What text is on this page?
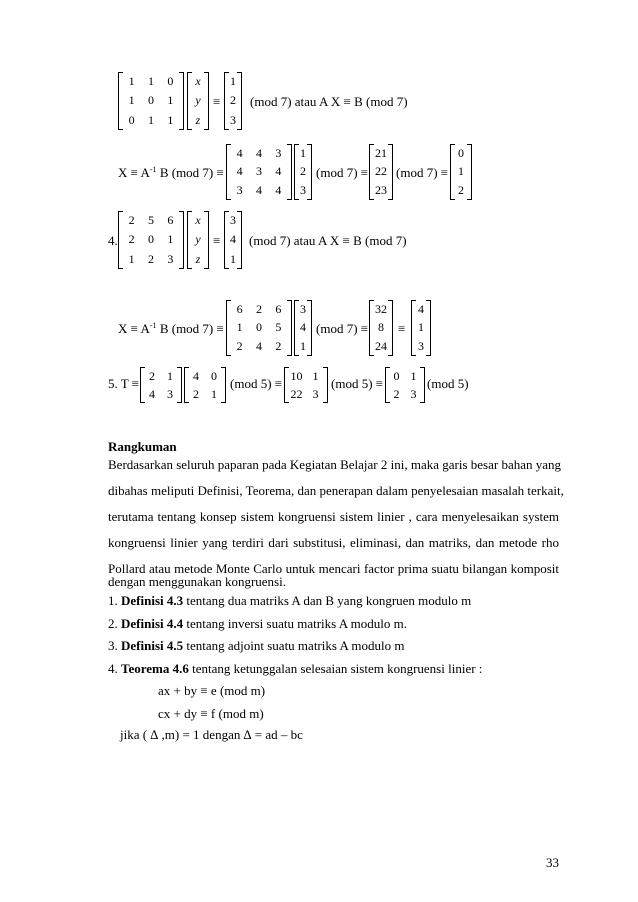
1	1	0
1	0	1
0	1	1
x
y
z
≡
1
2
3
(mod 7) atau A X ≡ B (mod 7)
$X \equiv A^{-1}$ B (mod 7) ≡
4	4	3
4	3	4
3	4	4
1
2
3
(mod 7) ≡
21
22
23
(mod 7) ≡
0
1
2
4.
2	5	6
2	0	1
1	2	3
x
y
z
≡
3
4
1
(mod 7) atau A X ≡ B (mod 7)
$X \equiv A^{-1}$ B (mod 7) ≡
6	2	6
1	0	5
2	4	2
3
4
1
(mod 7) ≡
32
8
24
≡
4
1
3
5. T ≡
2	1
4	3
4	0
2	1
(mod 5) ≡
10 1
22 3
(mod 5) ≡
0 1
2 3
(mod 5)
Rangkuman
Berdasarkan seluruh paparan pada Kegiatan Belajar 2 ini, maka garis besar bahan yang
dibahas meliputi Definisi, Teorema, dan penerapan dalam penyelesaian masalah terkait,
terutama tentang konsep sistem kongruensi sistem linier , cara menyelesaikan system
kongruensi linier yang terdiri dari substitusi, eliminasi, dan matriks, dan metode rho
Pollard atau metode Monte Carlo untuk mencari factor prima suatu bilangan komposit
dengan menggunakan kongruensi.
1. Definisi 4.3 tentang dua matriks A dan B yang kongruen modulo m
2. Definisi 4.4 tentang inversi suatu matriks A modulo m.
3. Definisi 4.5 tentang adjoint suatu matriks A modulo m
4. Teorema 4.6 tentang ketunggalan selesaian sistem kongruensi linier :
ax + by ≡ e (mod m)
cx + dy ≡ f (mod m)
jika ( ∆ ,m) = 1 dengan ∆ = ad – bc
33
